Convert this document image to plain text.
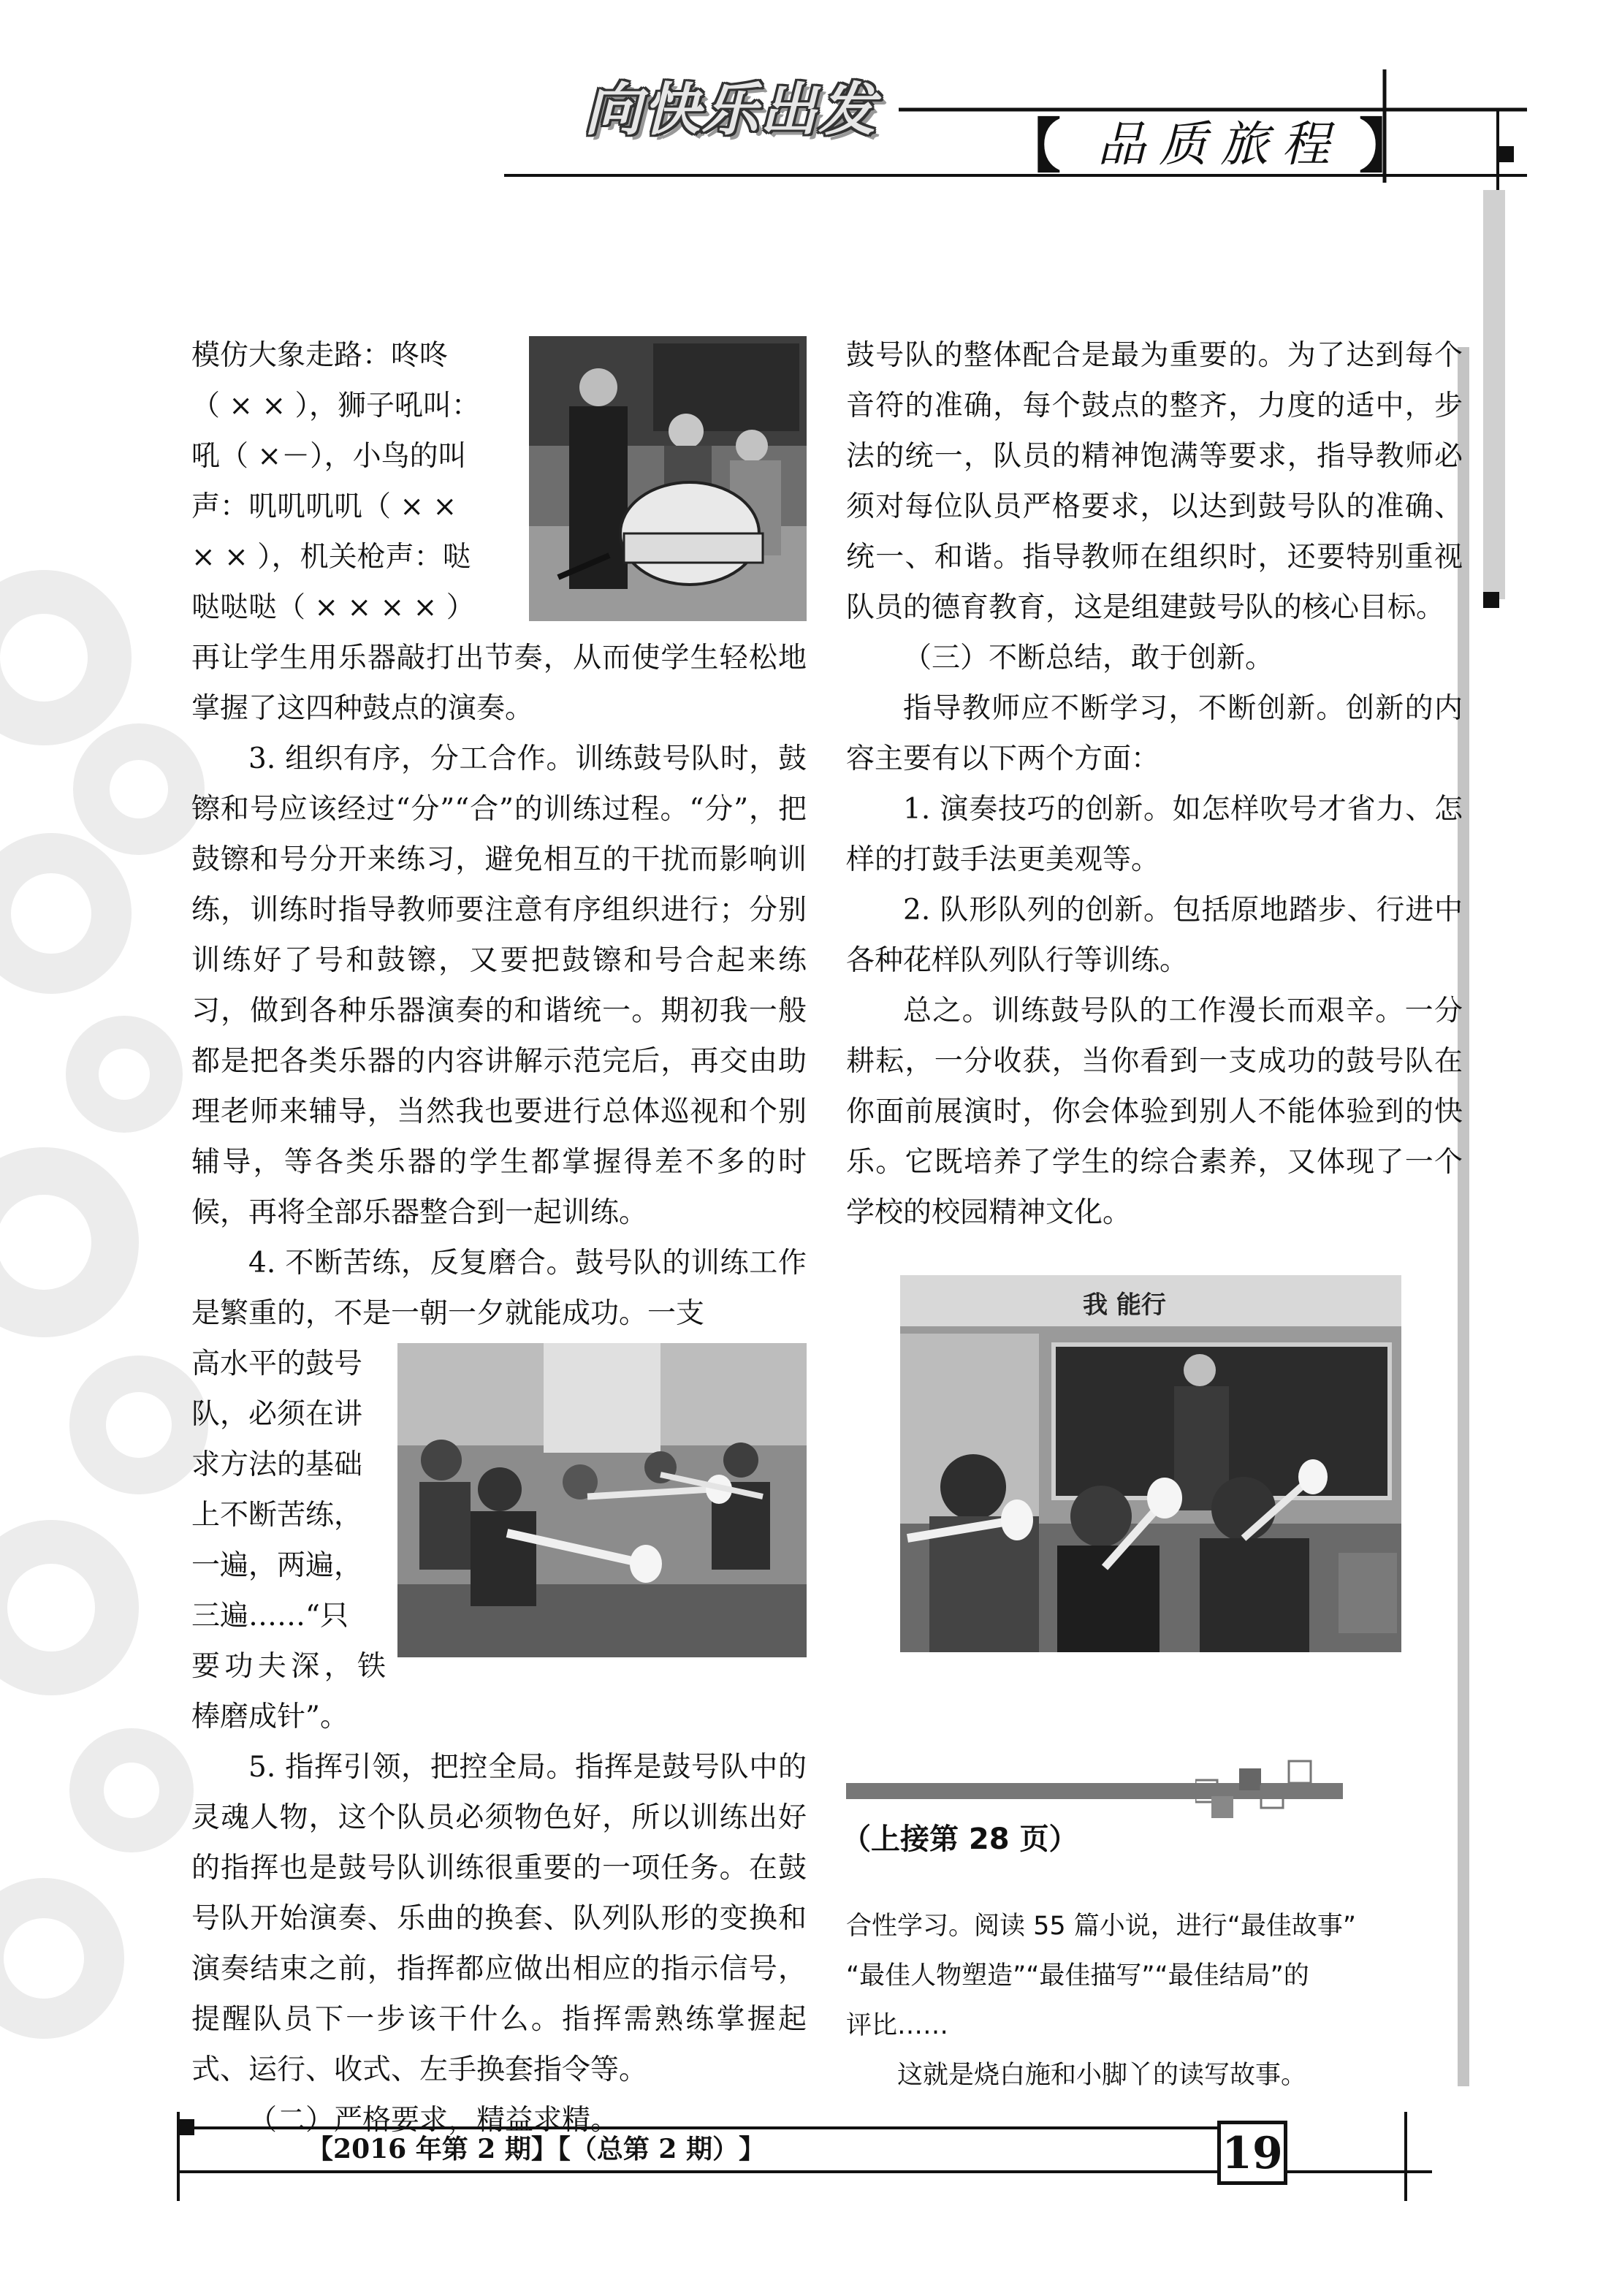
向快乐出发
【 品质旅程 】

模仿大象走路：咚咚
（ × × ），狮子吼叫：
吼（ ×－），小鸟的叫
声：叽叽叽叽（ × ×
× × ），机关枪声：哒
哒哒哒（ × × × × ）
再让学生用乐器敲打出节奏，从而使学生轻松地掌握了这四种鼓点的演奏。

3. 组织有序，分工合作。训练鼓号队时，鼓镲和号应该经过“分”“合”的训练过程。“分”，把鼓镲和号分开来练习，避免相互的干扰而影响训练，训练时指导教师要注意有序组织进行；分别训练好了号和鼓镲，又要把鼓镲和号合起来练习，做到各种乐器演奏的和谐统一。期初我一般都是把各类乐器的内容讲解示范完后，再交由助理老师来辅导，当然我也要进行总体巡视和个别辅导，等各类乐器的学生都掌握得差不多的时候，再将全部乐器整合到一起训练。

4. 不断苦练，反复磨合。鼓号队的训练工作是繁重的，不是一朝一夕就能成功。一支

高水平的鼓号
队，必须在讲
求方法的基础
上不断苦练，
一遍，两遍，
三遍……“只
要功夫深，铁棒磨成针”。

5. 指挥引领，把控全局。指挥是鼓号队中的灵魂人物，这个队员必须物色好，所以训练出好的指挥也是鼓号队训练很重要的一项任务。在鼓号队开始演奏、乐曲的换套、队列队形的变换和演奏结束之前，指挥都应做出相应的指示信号，提醒队员下一步该干什么。指挥需熟练掌握起式、运行、收式、左手换套指令等。

（二）严格要求，精益求精。

鼓号队的整体配合是最为重要的。为了达到每个音符的准确，每个鼓点的整齐，力度的适中，步法的统一，队员的精神饱满等要求，指导教师必须对每位队员严格要求，以达到鼓号队的准确、统一、和谐。指导教师在组织时，还要特别重视队员的德育教育，这是组建鼓号队的核心目标。

（三）不断总结，敢于创新。

指导教师应不断学习，不断创新。创新的内容主要有以下两个方面：

1. 演奏技巧的创新。如怎样吹号才省力、怎样的打鼓手法更美观等。

2. 队形队列的创新。包括原地踏步、行进中各种花样队列队行等训练。

总之。训练鼓号队的工作漫长而艰辛。一分耕耘，一分收获，当你看到一支成功的鼓号队在你面前展演时，你会体验到别人不能体验到的快乐。它既培养了学生的综合素养，又体现了一个学校的校园精神文化。

我 能行
（上接第 28 页）

合性学习。阅读 55 篇小说，进行“最佳故事”

“最佳人物塑造”“最佳描写”“最佳结局”的

评比……

这就是烧白施和小脚丫的读写故事。

【2016 年第 2 期】【（总第 2 期）】	19
